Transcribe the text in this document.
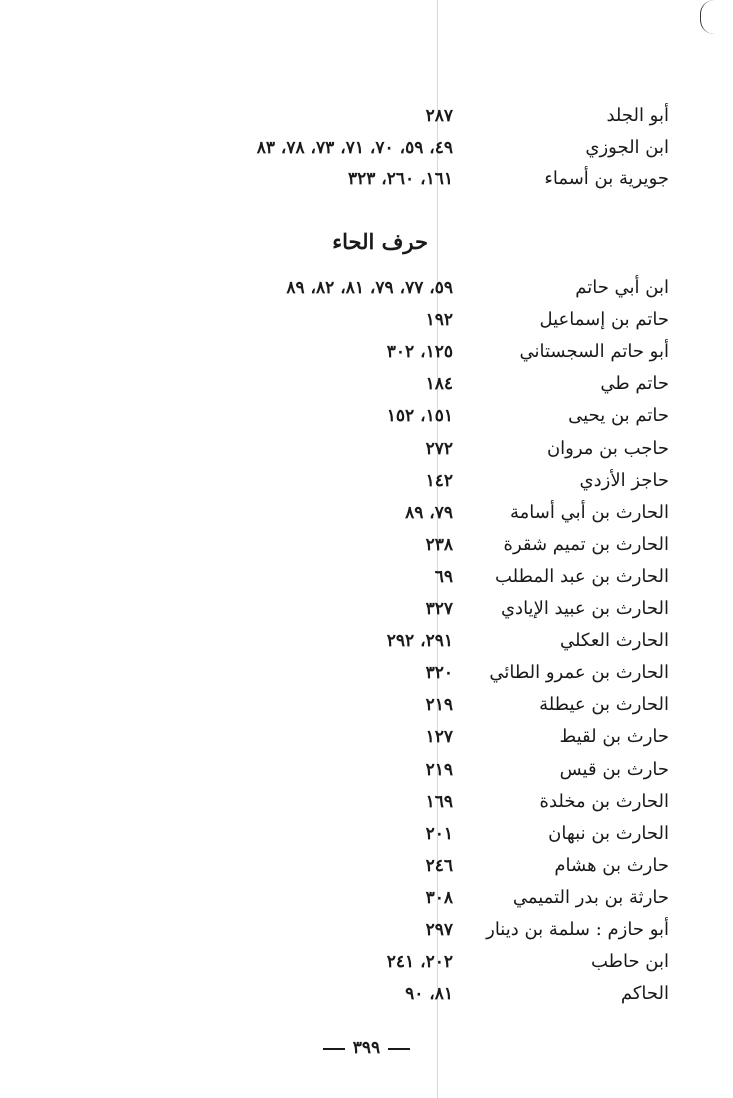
أبو الجلد
٢٨٧
ابن الجوزي
٤٩، ٥٩، ٧٠، ٧١، ٧٣، ٧٨، ٨٣
جويرية بن أسماء
١٦١، ٢٦٠، ٣٢٣
حرف الحاء
ابن أبي حاتم
٥٩، ٧٧، ٧٩، ٨١، ٨٢، ٨٩
حاتم بن إسماعيل
١٩٢
أبو حاتم السجستاني
١٢٥، ٣٠٢
حاتم طي
١٨٤
حاتم بن يحيى
١٥١، ١٥٢
حاجب بن مروان
٢٧٢
حاجز الأزدي
١٤٢
الحارث بن أبي أسامة
٧٩، ٨٩
الحارث بن تميم شقرة
٢٣٨
الحارث بن عبد المطلب
٦٩
الحارث بن عبيد الإيادي
٣٢٧
الحارث العكلي
٢٩١، ٢٩٢
الحارث بن عمرو الطائي
٣٢٠
الحارث بن عيطلة
٢١٩
حارث بن لقيط
١٢٧
حارث بن قيس
٢١٩
الحارث بن مخلدة
١٦٩
الحارث بن نبهان
٢٠١
حارث بن هشام
٢٤٦
حارثة بن بدر التميمي
٣٠٨
أبو حازم : سلمة بن دينار
٢٩٧
ابن حاطب
٢٠٢، ٢٤١
الحاكم
٨١، ٩٠
٣٩٩
